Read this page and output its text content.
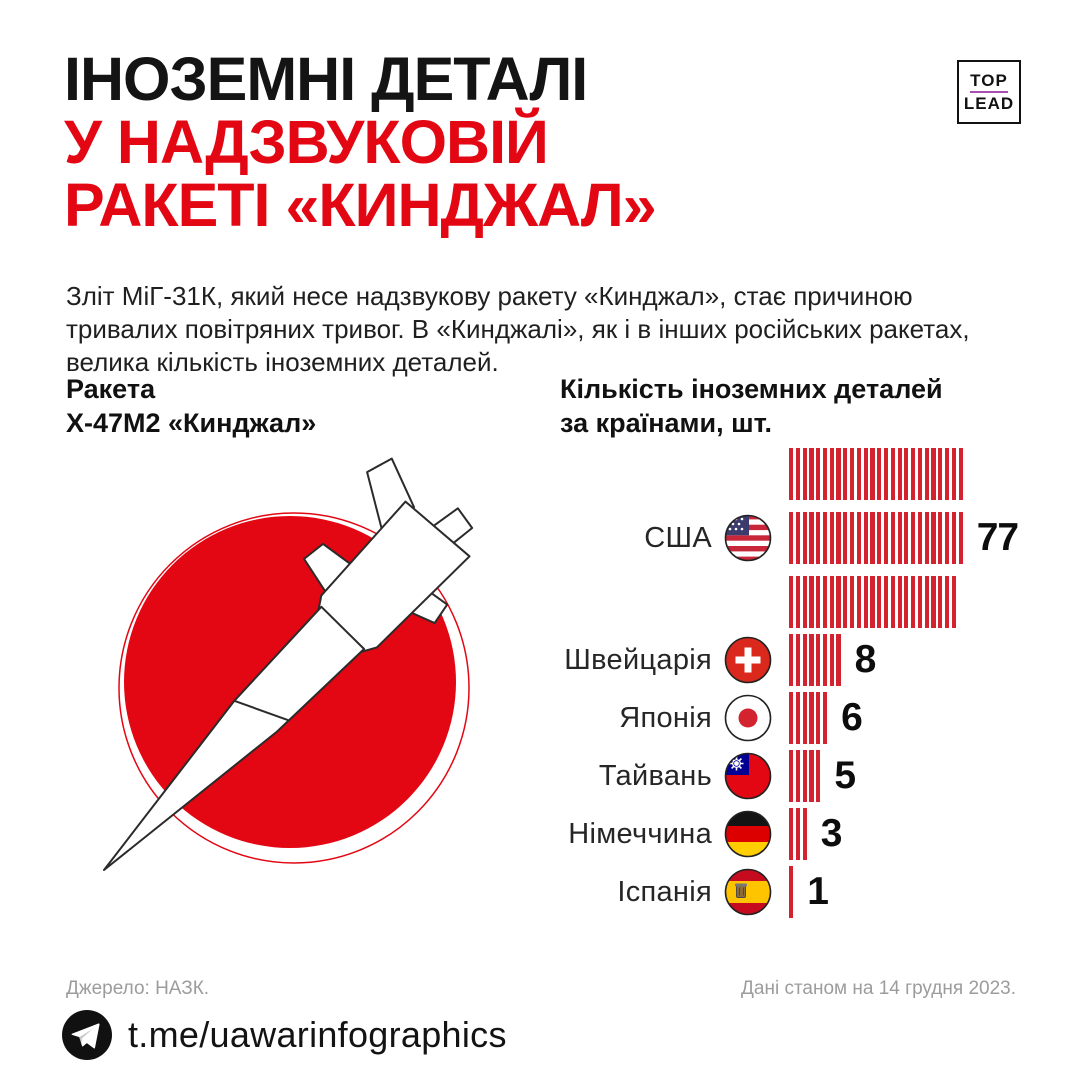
TOP
LEAD
ІНОЗЕМНІ ДЕТАЛІ
У НАДЗВУКОВІЙ
РАКЕТІ «КИНДЖАЛ»

Зліт МіГ-31К, який несе надзвукову ракету «Кинджал», стає причиною тривалих повітряних тривог. В «Кинджалі», як і в інших російських ракетах, велика кількість іноземних деталей.

Ракета
Х-47М2 «Кинджал»
Кількість іноземних деталей
за країнами, шт.
США	77
Швейцарія	8
Японія	6
Тайвань	5
Німеччина	3
Іспанія 1
Джерело: НАЗК.	Дані станом на 14 грудня 2023.
t.me/uawarinfographics
